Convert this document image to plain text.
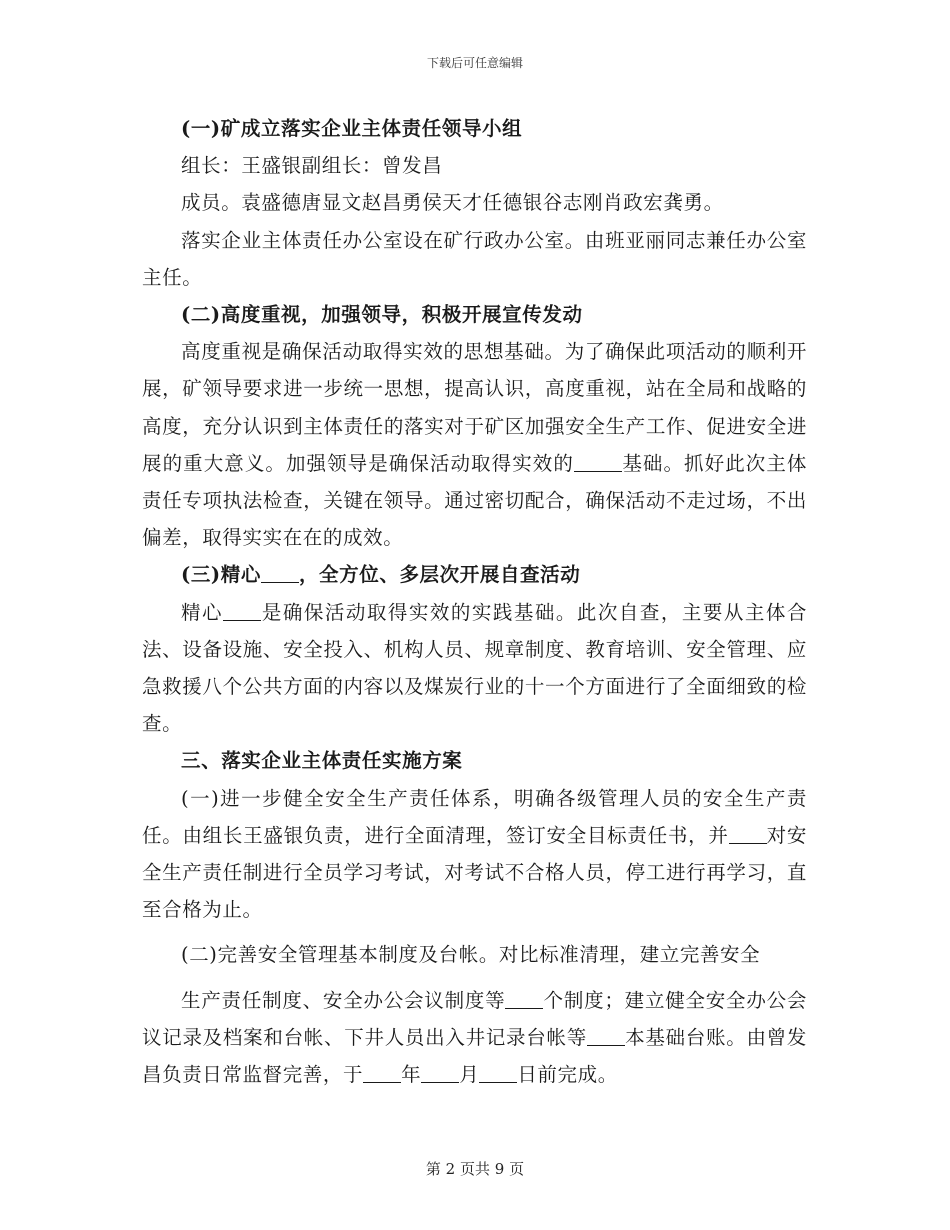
下载后可任意编辑

(一)矿成立落实企业主体责任领导小组

组长：王盛银副组长：曾发昌

成员。袁盛德唐显文赵昌勇侯天才任德银谷志刚肖政宏龚勇。

落实企业主体责任办公室设在矿行政办公室。由班亚丽同志兼任办公室主任。

(二)高度重视，加强领导，积极开展宣传发动

高度重视是确保活动取得实效的思想基础。为了确保此项活动的顺利开展，矿领导要求进一步统一思想，提高认识，高度重视，站在全局和战略的高度，充分认识到主体责任的落实对于矿区加强安全生产工作、促进安全进展的重大意义。加强领导是确保活动取得实效的 基础。抓好此次主体责任专项执法检查，关键在领导。通过密切配合，确保活动不走过场，不出偏差，取得实实在在的成效。

(三)精心 ，全方位、多层次开展自查活动

精心 是确保活动取得实效的实践基础。此次自查，主要从主体合法、设备设施、安全投入、机构人员、规章制度、教育培训、安全管理、应急救援八个公共方面的内容以及煤炭行业的十一个方面进行了全面细致的检查。

三、落实企业主体责任实施方案

(一)进一步健全安全生产责任体系，明确各级管理人员的安全生产责任。由组长王盛银负责，进行全面清理，签订安全目标责任书，并 对安全生产责任制进行全员学习考试，对考试不合格人员，停工进行再学习，直至合格为止。

(二)完善安全管理基本制度及台帐。对比标准清理，建立完善安全

生产责任制度、安全办公会议制度等 个制度；建立健全安全办公会议记录及档案和台帐、下井人员出入井记录台帐等 本基础台账。由曾发昌负责日常监督完善，于 年 月 日前完成。

第 2 页共 9 页
